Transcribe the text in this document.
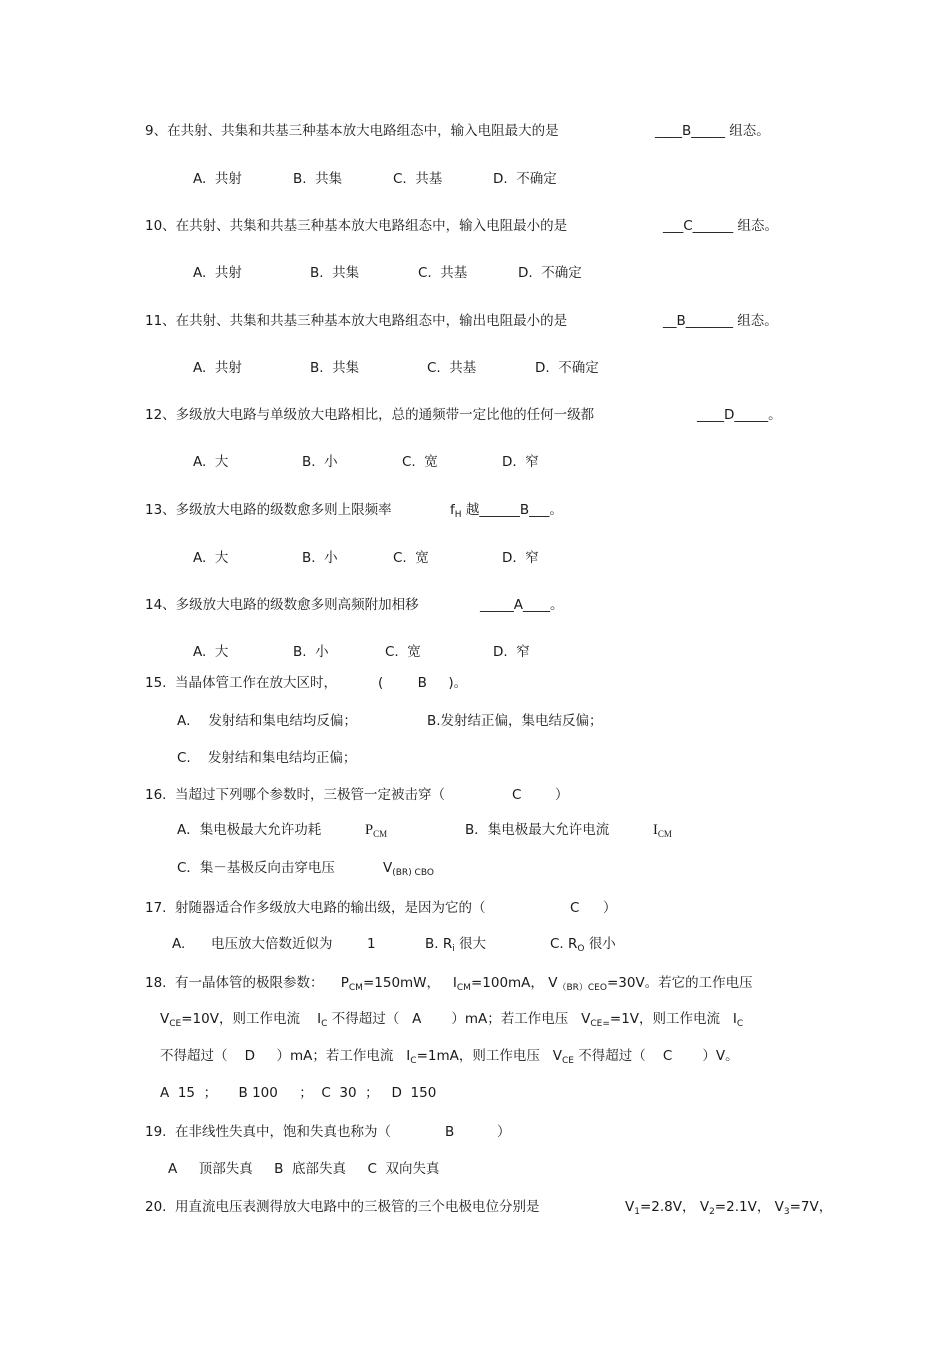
9、在共射、共集和共基三种基本放大电路组态中，输入电阻最大的是	____B_____ 组态。
A.  共射	B.  共集	C.  共基	D.  不确定
10、在共射、共集和共基三种基本放大电路组态中，输入电阻最小的是	___C______ 组态。
A.  共射	B.  共集	C.  共基	D.  不确定
11、在共射、共集和共基三种基本放大电路组态中，输出电阻最小的是	__B_______ 组态。
A.  共射	B.  共集	C.  共基	D.  不确定
12、多级放大电路与单级放大电路相比，总的通频带一定比他的任何一级都	____D_____。
A.  大	B.  小	C.  宽	D.  窄
13、多级放大电路的级数愈多则上限频率	$f_H$ 越______B___。
A.  大	B.  小	C.  宽	D.  窄
14、多级放大电路的级数愈多则高频附加相移	_____A____。
A.  大	B.  小	C.  宽	D.  窄
15.  当晶体管工作在放大区时，	(        B     )。
A．  发射结和集电结均反偏；	B.发射结正偏，集电结反偏；
C.    发射结和集电结均正偏；
16.  当超过下列哪个参数时，三极管一定被击穿（	C ）
A．集电极最大允许功耗	$P_{CM}$	B．集电极最大允许电流	$I_{CM}$
C．集－基极反向击穿电压	$V_{(BR) CBO}$
17.  射随器适合作多级放大电路的输出级，是因为它的（	C ）
A.      电压放大倍数近似为	1	B. $R_i$ 很大	C. $R_O$ 很小
18.  有一晶体管的极限参数： $P_{CM}=150mW$， $I_{CM}=100mA$， $V_{(BR)CEO}=30V$。若它的工作电压
$V_{CE}=10V$，则工作电流 $I_C$ 不得超过（   A       ）mA；若工作电压 $V_{CE=}=1V$，则工作电流 $I_C$
不得超过（    D     ）mA；若工作电流 $I_C=1mA$，则工作电压 $V_{CE}$ 不得超过（    C       ）V。
A  15  ；     B 100     ；  C  30  ；   D  150
19.  在非线性失真中，饱和失真也称为（	B	）
A     顶部失真     B  底部失真     C  双向失真
20.  用直流电压表测得放大电路中的三极管的三个电极电位分别是	$V_1=2.8V$， $V_2=2.1V$， $V_3=7V$，
